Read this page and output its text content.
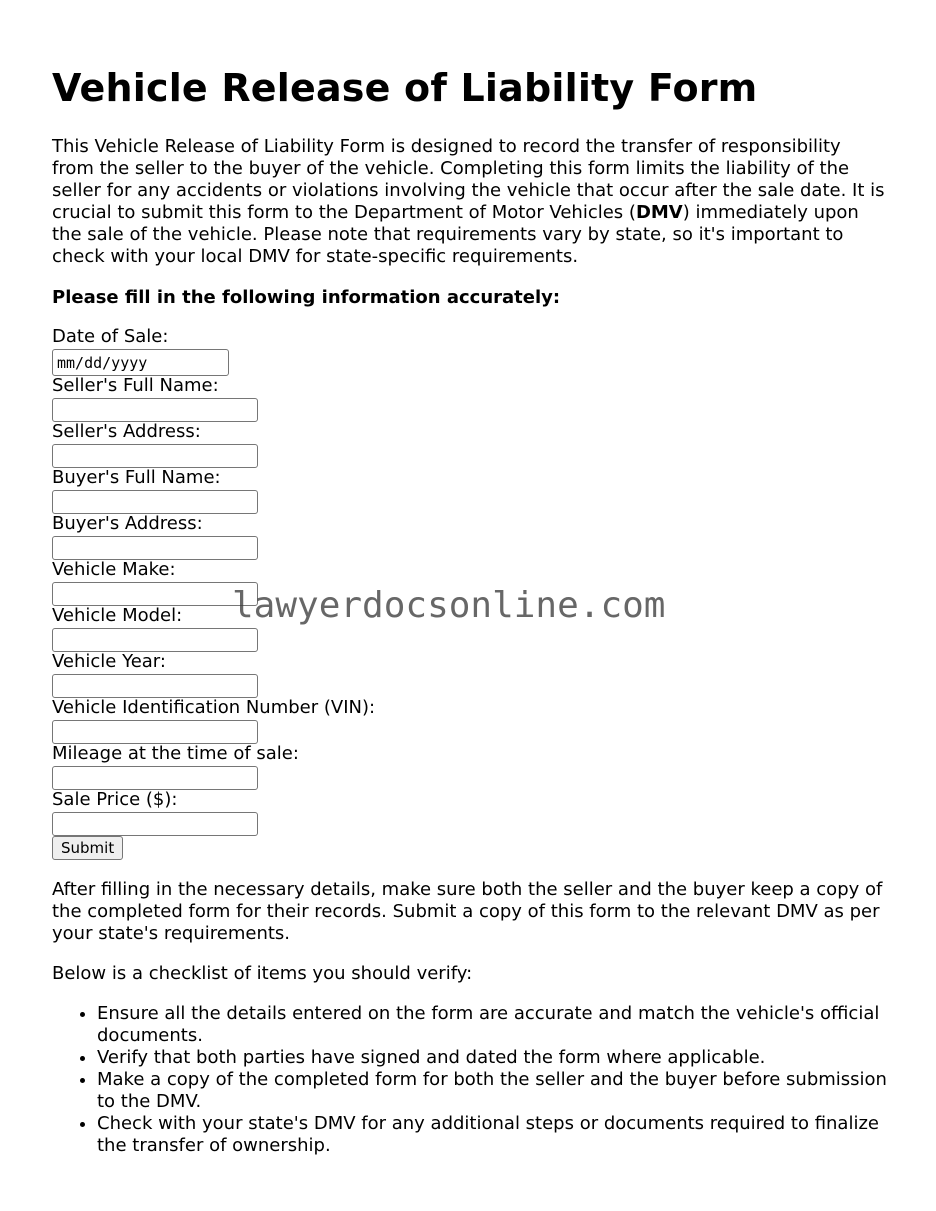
Vehicle Release of Liability Form

This Vehicle Release of Liability Form is designed to record the transfer of responsibility from the seller to the buyer of the vehicle. Completing this form limits the liability of the seller for any accidents or violations involving the vehicle that occur after the sale date. It is crucial to submit this form to the Department of Motor Vehicles (DMV) immediately upon the sale of the vehicle. Please note that requirements vary by state, so it's important to check with your local DMV for state-specific requirements.

Please fill in the following information accurately:

Date of Sale:
mm/dd/yyyy
Seller's Full Name:
Seller's Address:
Buyer's Full Name:
Buyer's Address:
Vehicle Make:
Vehicle Model:
Vehicle Year:
Vehicle Identification Number (VIN):
Mileage at the time of sale:
Sale Price ($):
Submit

After filling in the necessary details, make sure both the seller and the buyer keep a copy of the completed form for their records. Submit a copy of this form to the relevant DMV as per your state's requirements.

Below is a checklist of items you should verify:

• Ensure all the details entered on the form are accurate and match the vehicle's official documents.
• Verify that both parties have signed and dated the form where applicable.
• Make a copy of the completed form for both the seller and the buyer before submission to the DMV.
• Check with your state's DMV for any additional steps or documents required to finalize the transfer of ownership.
lawyerdocsonline.com
